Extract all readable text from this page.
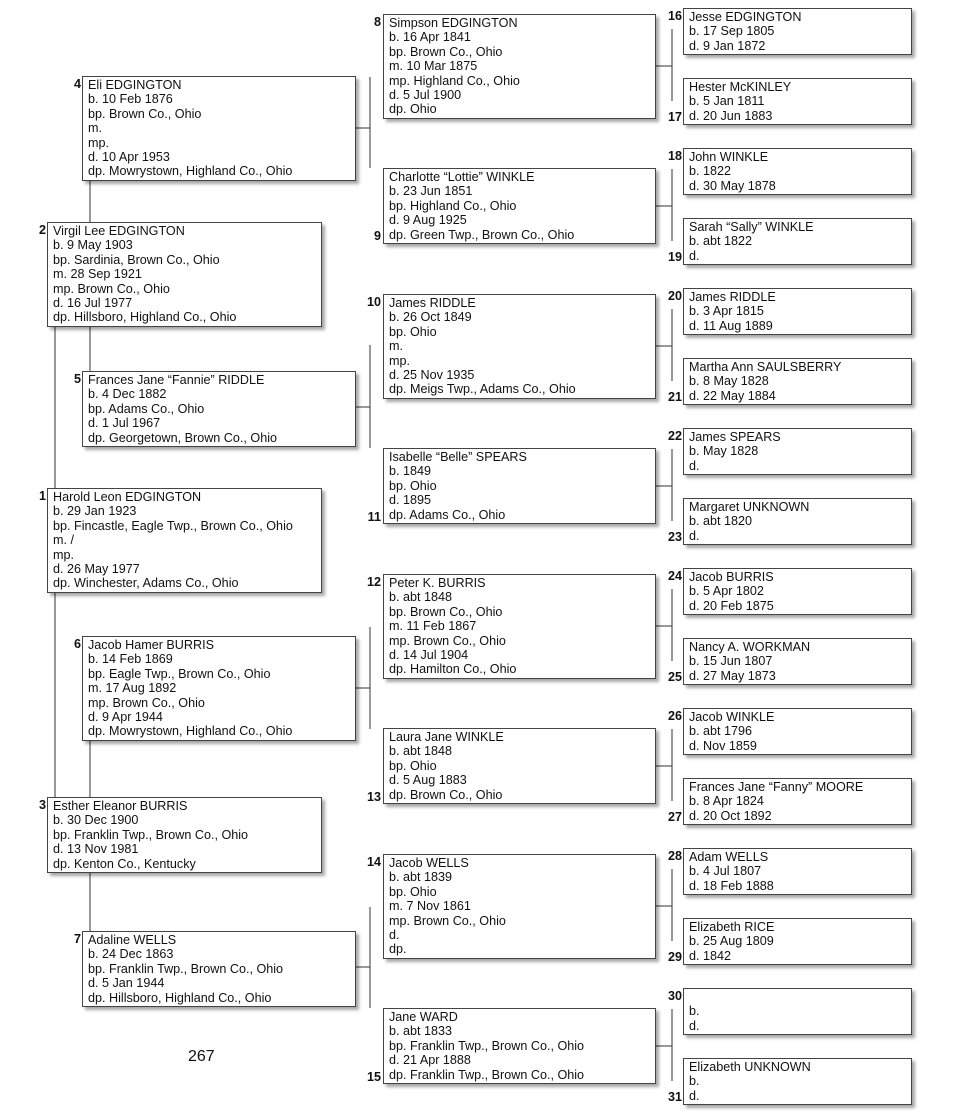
1 Harold Leon EDGINGTON
b. 29 Jan 1923
bp. Fincastle, Eagle Twp., Brown Co., Ohio
m. /
mp.
d. 26 May 1977
dp. Winchester, Adams Co., Ohio
2 Virgil Lee EDGINGTON
b. 9 May 1903
bp. Sardinia, Brown Co., Ohio
m. 28 Sep 1921
mp. Brown Co., Ohio
d. 16 Jul 1977
dp. Hillsboro, Highland Co., Ohio
3 Esther Eleanor BURRIS
b. 30 Dec 1900
bp. Franklin Twp., Brown Co., Ohio
d. 13 Nov 1981
dp. Kenton Co., Kentucky
4 Eli EDGINGTON
b. 10 Feb 1876
bp. Brown Co., Ohio
m.
mp.
d. 10 Apr 1953
dp. Mowrystown, Highland Co., Ohio
5 Frances Jane “Fannie” RIDDLE
b. 4 Dec 1882
bp. Adams Co., Ohio
d. 1 Jul 1967
dp. Georgetown, Brown Co., Ohio
6 Jacob Hamer BURRIS
b. 14 Feb 1869
bp. Eagle Twp., Brown Co., Ohio
m. 17 Aug 1892
mp. Brown Co., Ohio
d. 9 Apr 1944
dp. Mowrystown, Highland Co., Ohio
7 Adaline WELLS
b. 24 Dec 1863
bp. Franklin Twp., Brown Co., Ohio
d. 5 Jan 1944
dp. Hillsboro, Highland Co., Ohio
8 Simpson EDGINGTON
b. 16 Apr 1841
bp. Brown Co., Ohio
m. 10 Mar 1875
mp. Highland Co., Ohio
d. 5 Jul 1900
dp. Ohio
9
Charlotte “Lottie” WINKLE
b. 23 Jun 1851
bp. Highland Co., Ohio
d. 9 Aug 1925
dp. Green Twp., Brown Co., Ohio
10 James RIDDLE
b. 26 Oct 1849
bp. Ohio
m.
mp.
d. 25 Nov 1935
dp. Meigs Twp., Adams Co., Ohio
11
Isabelle “Belle” SPEARS
b. 1849
bp. Ohio
d. 1895
dp. Adams Co., Ohio
12 Peter K. BURRIS
b. abt 1848
bp. Brown Co., Ohio
m. 11 Feb 1867
mp. Brown Co., Ohio
d. 14 Jul 1904
dp. Hamilton Co., Ohio
13
Laura Jane WINKLE
b. abt 1848
bp. Ohio
d. 5 Aug 1883
dp. Brown Co., Ohio
14 Jacob WELLS
b. abt 1839
bp. Ohio
m. 7 Nov 1861
mp. Brown Co., Ohio
d.
dp.
15
Jane WARD
b. abt 1833
bp. Franklin Twp., Brown Co., Ohio
d. 21 Apr 1888
dp. Franklin Twp., Brown Co., Ohio
16 Jesse EDGINGTON
b. 17 Sep 1805
d. 9 Jan 1872
17
Hester McKINLEY
b. 5 Jan 1811
d. 20 Jun 1883
18 John WINKLE
b. 1822
d. 30 May 1878
19
Sarah “Sally” WINKLE
b. abt 1822
d.
20 James RIDDLE
b. 3 Apr 1815
d. 11 Aug 1889
21
Martha Ann SAULSBERRY
b. 8 May 1828
d. 22 May 1884
22 James SPEARS
b. May 1828
d.
23
Margaret UNKNOWN
b. abt 1820
d.
24 Jacob BURRIS
b. 5 Apr 1802
d. 20 Feb 1875
25
Nancy A. WORKMAN
b. 15 Jun 1807
d. 27 May 1873
26 Jacob WINKLE
b. abt 1796
d. Nov 1859
27
Frances Jane “Fanny” MOORE
b. 8 Apr 1824
d. 20 Oct 1892
28 Adam WELLS
b. 4 Jul 1807
d. 18 Feb 1888
29
Elizabeth RICE
b. 25 Aug 1809
d. 1842
30

b.
d.
31
Elizabeth UNKNOWN
b.
d.
267
